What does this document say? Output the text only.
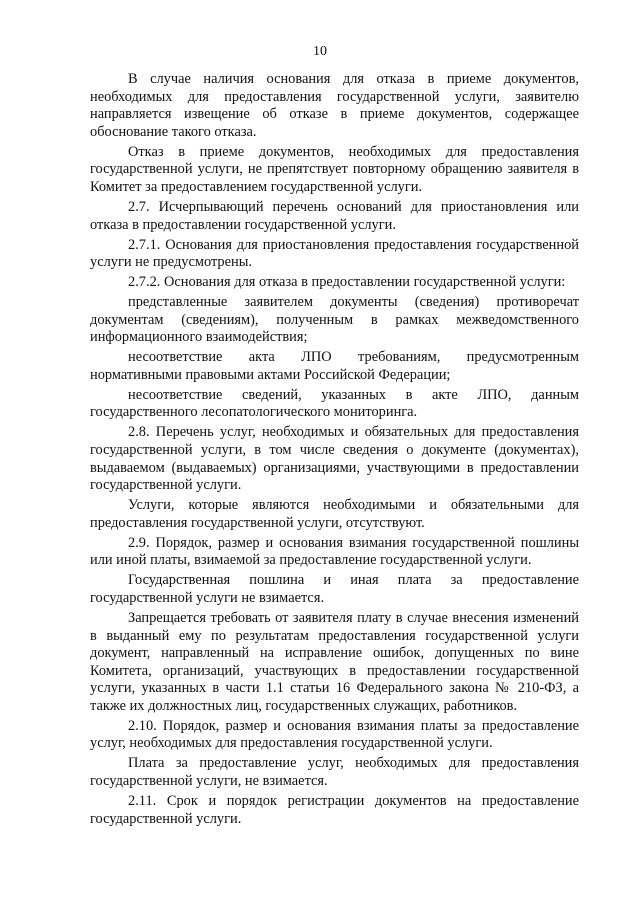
10

В случае наличия основания для отказа в приеме документов, необходимых для предоставления государственной услуги, заявителю направляется извещение об отказе в приеме документов, содержащее обоснование такого отказа.

Отказ в приеме документов, необходимых для предоставления государственной услуги, не препятствует повторному обращению заявителя в Комитет за предоставлением государственной услуги.

2.7. Исчерпывающий перечень оснований для приостановления или отказа в предоставлении государственной услуги.

2.7.1. Основания для приостановления предоставления государственной услуги не предусмотрены.

2.7.2. Основания для отказа в предоставлении государственной услуги:

представленные заявителем документы (сведения) противоречат документам (сведениям), полученным в рамках межведомственного информационного взаимодействия;

несоответствие акта ЛПО требованиям, предусмотренным нормативными правовыми актами Российской Федерации;

несоответствие сведений, указанных в акте ЛПО, данным государственного лесопатологического мониторинга.

2.8. Перечень услуг, необходимых и обязательных для предоставления государственной услуги, в том числе сведения о документе (документах), выдаваемом (выдаваемых) организациями, участвующими в предоставлении государственной услуги.

Услуги, которые являются необходимыми и обязательными для предоставления государственной услуги, отсутствуют.

2.9. Порядок, размер и основания взимания государственной пошлины или иной платы, взимаемой за предоставление государственной услуги.

Государственная пошлина и иная плата за предоставление государственной услуги не взимается.

Запрещается требовать от заявителя плату в случае внесения изменений в выданный ему по результатам предоставления государственной услуги документ, направленный на исправление ошибок, допущенных по вине Комитета, организаций, участвующих в предоставлении государственной услуги, указанных в части 1.1 статьи 16 Федерального закона № 210-ФЗ, а также их должностных лиц, государственных служащих, работников.

2.10. Порядок, размер и основания взимания платы за предоставление услуг, необходимых для предоставления государственной услуги.

Плата за предоставление услуг, необходимых для предоставления государственной услуги, не взимается.

2.11. Срок и порядок регистрации документов на предоставление государственной услуги.
